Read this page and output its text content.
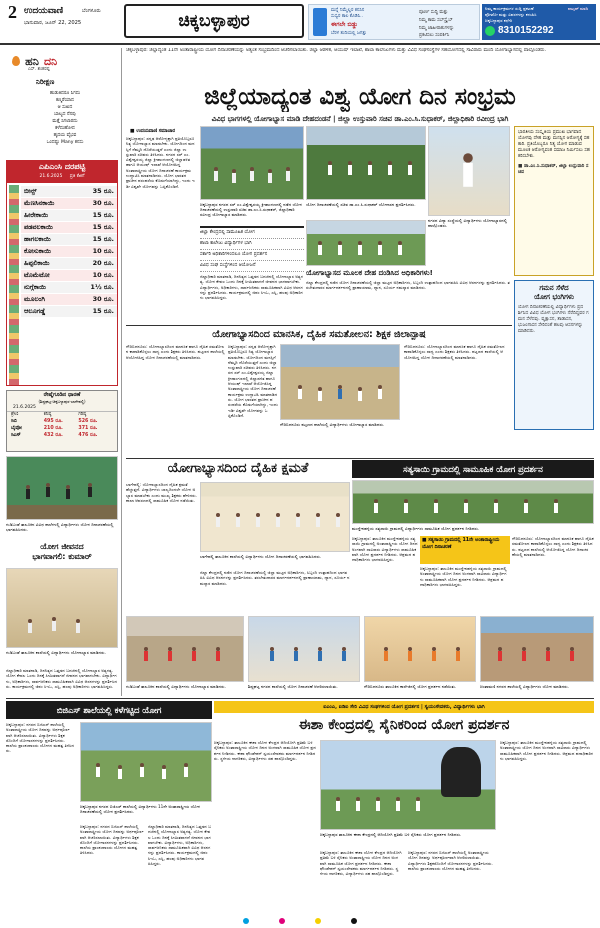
2 ಉದಯವಾಣಿ	ಬೆಂಗಳೂರು
ಭಾನುವಾರ, ಜೂನ್ 22, 2025	ಚಿಕ್ಕಬಳ್ಳಾಪುರ
ಮನ್ನೆ ನಿಮ್ಮೆಲ್ಲರ ಕನಸಿನ
ಸುಸ್ವರ ಕಾಲ ಕೊಡಿಸಿ..
ಈಗಲೇ ಬಿಡ್ಡು
ಬೆರಳ ತುದಿಯಲ್ಲಿ ಜಗತ್ತು
ಪೂರ್ಣ ಸುದ್ದಿ ಮತ್ತು
ನಿಮ್ಮ ಕಾಮ ಸಬ್‌ಸ್ಕ್ರೈಬ್
ನಿಮ್ಮ ಜಾಹೀರಾತುಗಳನ್ನು
ಪ್ರಕಟಿಸಲು ಸಂಪರ್ಕಿಸಿ
ನಿಮ್ಮ ಕಾರ್ಯಕ್ರಮಗಳ ಸುದ್ದಿ ಪ್ರಕಟಣೆ
ಫೋಟೋ ಮತ್ತು ವಿವರಗಳನ್ನು ಕಳುಹಿಸಿ
ಚಿಕ್ಕಬಳ್ಳಾಪುರ ಕಛೇರಿ
8310152292
ವಾಟ್ಸಪ್ ಮಾಡಿ
ಹನಿ ದನಿ
ಎಸ್. ಶಂಕರಪ್ಪ
ನಿರೀಕ್ಷಣ
ಹುಡುಕಿದರೂ ಸಿಗದು
ಕಣ್ಮರೆಯಾದ
ಆ ಸುಖದ
ಬಾಲ್ಯದ ನೆನಪು
ಮತ್ತೆ ಸಿಗಲಾರದು
ಕಳೆದುಹೋದ
ಹೃದಯ ವೈಭವ
ಒಂದಷ್ಟು Many ಕನಸು
ಎಪಿಎಂಸಿ ದರಪಟ್ಟಿ
21.6.2025 ಪ್ರತಿ ಕೆಜಿಗೆ
ಬೀನ್ಸ್	35 ರೂ.
ಮೆಣಸಿನಕಾಯಿ	30 ರೂ.
ಹೀರೇಕಾಯಿ	15 ರೂ.
ಪಡವಲಕಾಯಿ	15 ರೂ.
ಹಾಗಲಕಾಯಿ	15 ರೂ.
ಕೋಸುಕಾಯಿ	10 ರೂ.
ಹಿಪ್ಪಲಿಕಾಯಿ	20 ರೂ.
ಟೊಮೆಟೋ	10 ರೂ.
ನುಗ್ಗೆಕಾಯಿ	1½ ರೂ.
ಮೂಲಂಗಿ	30 ರೂ.
ಆಲೂಗಡ್ಡೆ	15 ರೂ.
ರೇಷ್ಮೆಗೂಡಿನ ಧಾರಣೆ
(ಶಿಡ್ಲಘಟ್ಟ-ಚಿಕ್ಕಬಳ್ಳಾಪುರ-ಬಾಗೇಪಲ್ಲಿ)
21.6.2025
ಶ್ರೇಣಿ	ಕನಿಷ್ಠ	ಗರಿಷ್ಠ
ಸಿಬಿ	495 ರೂ.	526 ರೂ.
ಬೈವೋ	210 ರೂ.	371 ರೂ.
ಸಿಎಸ್	432 ರೂ.	476 ರೂ.
ಗುಡಿಬಂಡೆ ತಾಲೂಕಿನ ವಿವಿಧ ಶಾಲೆಗಳಲ್ಲಿ ವಿದ್ಯಾರ್ಥಿಗಳು ಯೋಗ ದಿನಾಚರಣೆಯಲ್ಲಿ ಭಾಗವಹಿಸಿದರು.
ಯೋಗ ಜೀವನದ
ಭಾಗವಾಗಲಿ: ಕುಮಾರ್
ಗುಡಿಬಂಡೆ ತಾಲೂಕಿನ ಶಾಲೆಯಲ್ಲಿ ವಿದ್ಯಾರ್ಥಿಗಳು ಯೋಗಾಭ್ಯಾಸ ಮಾಡಿದರು.
ಜಿಲ್ಲಾಧಿಕಾರಿ ಮಾತನಾಡಿ, ದಿನನಿತ್ಯದ ಒತ್ತಡದ ಬದುಕಿನಲ್ಲಿ ಯೋಗಾಭ್ಯಾಸ ಅತ್ಯಗತ್ಯ. ಯೋಗ ಕೇವಲ ಒಂದು ದಿನಕ್ಕೆ ಸೀಮಿತವಾಗದೆ ಜೀವನದ ಭಾಗವಾಗಬೇಕು. ವಿದ್ಯಾರ್ಥಿಗಳು, ಅಧಿಕಾರಿಗಳು, ಸಾರ್ವಜನಿಕರು ಸಾಮೂಹಿಕವಾಗಿ ವಿವಿಧ ಆಸನಗಳನ್ನು ಪ್ರದರ್ಶಿಸಿದರು. ಕಾರ್ಯಕ್ರಮದಲ್ಲಿ ಜಿಪಂ ಸಿಇಒ, ಎಸ್ಪಿ, ಹಲವು ಅಧಿಕಾರಿಗಳು ಭಾಗವಹಿಸಿದ್ದರು.
ಚಿಕ್ಕಬಳ್ಳಾಪುರ: ಜಿಲ್ಲಾದ್ಯಂತ 11ನೇ ಅಂತಾರಾಷ್ಟ್ರೀಯ ಯೋಗ ದಿನಾಚರಣೆಯನ್ನು ಅತ್ಯಂತ ಸಂಭ್ರಮದಿಂದ ಆಚರಿಸಲಾಯಿತು. ಜಿಲ್ಲಾ ಆಡಳಿತ, ಆಯುಷ್ ಇಲಾಖೆ, ಶಾಲಾ ಕಾಲೇಜುಗಳು ಮತ್ತು ವಿವಿಧ ಸಂಘಸಂಸ್ಥೆಗಳ ಸಹಯೋಗದಲ್ಲಿ ಸಾವಿರಾರು ಮಂದಿ ಯೋಗಾಭ್ಯಾಸದಲ್ಲಿ ಪಾಲ್ಗೊಂಡರು.
ಜಿಲ್ಲೆಯಾದ್ಯಂತ ವಿಶ್ವ ಯೋಗ ದಿನ ಸಂಭ್ರಮ
ವಿವಿಧ ಭಾಗಗಳಲ್ಲಿ ಯೋಗಾಭ್ಯಾಸ ಮಾಡಿ ದೇಹದಂಡನೆ | ಜಿಲ್ಲಾ ಉಸ್ತುವಾರಿ ಸಚಿವ ಡಾ.ಎಂ.ಸಿ.ಸುಧಾಕರ್, ಜಿಲ್ಲಾಧಿಕಾರಿ ರವೀಂದ್ರ ಭಾಗಿ
■ ಉದಯವಾಣಿ ಸಮಾಚಾರ
ಚಿಕ್ಕಬಳ್ಳಾಪುರ: ಸದೃಢ ಆರೋಗ್ಯಕ್ಕಾಗಿ ಪ್ರತಿಯೊಬ್ಬರೂ ನಿತ್ಯ ಯೋಗಾಭ್ಯಾಸ ಮಾಡಬೇಕು. ಯೋಗದಿಂದ ಮನಸ್ಸಿಗೆ ನೆಮ್ಮದಿ ದೊರೆಯುತ್ತದೆ ಎಂದು ಜಿಲ್ಲಾ ಉಸ್ತುವಾರಿ ಸಚಿವರು ತಿಳಿಸಿದರು. ನಗರದ ಸರ್ ಎಂ.ವಿಶ್ವೇಶ್ವರಯ್ಯ ಜಿಲ್ಲಾ ಕ್ರೀಡಾಂಗಣದಲ್ಲಿ ಜಿಲ್ಲಾಡಳಿತ ಹಾಗೂ ಆಯುಷ್ ಇಲಾಖೆ ಆಯೋಜಿಸಿದ್ದ ಅಂತಾರಾಷ್ಟ್ರೀಯ ಯೋಗ ದಿನಾಚರಣೆ ಕಾರ್ಯಕ್ರಮ ಉದ್ಘಾಟಿಸಿ ಮಾತನಾಡಿದರು. ಯೋಗ ಭಾರತದ ಪ್ರಾಚೀನ ಪರಂಪರೆಯ ಕೊಡುಗೆಯಾಗಿದ್ದು, ಇಂದು ಇಡೀ ವಿಶ್ವವೇ ಯೋಗವನ್ನು ಒಪ್ಪಿಕೊಂಡಿದೆ.
ಭಾರತೀಯ ಸಂಸ್ಕೃತಿಯ ಪ್ರಮುಖ ಭಾಗವಾದ ಯೋಗವು ದೇಹ ಮತ್ತು ಮನಸ್ಸಿನ ಆರೋಗ್ಯಕ್ಕೆ ಸಹಕಾರಿ. ಪ್ರತಿಯೊಬ್ಬರೂ ನಿತ್ಯ ಯೋಗ ಮಾಡುವ ಮೂಲಕ ಆರೋಗ್ಯವಂತ ಸಮಾಜ ನಿರ್ಮಿಸಲು ಸಹಕರಿಸಬೇಕು.
■ ಡಾ.ಎಂ.ಸಿ.ಸುಧಾಕರ್, ಜಿಲ್ಲಾ ಉಸ್ತುವಾರಿ ಸಚಿವ
ಚಿಕ್ಕಬಳ್ಳಾಪುರ ನಗರದ ಸರ್ ಎಂ.ವಿಶ್ವೇಶ್ವರಯ್ಯ ಕ್ರೀಡಾಂಗಣದಲ್ಲಿ ನಡೆದ ಯೋಗ ದಿನಾಚರಣೆಯಲ್ಲಿ ಉಸ್ತುವಾರಿ ಸಚಿವ ಡಾ.ಎಂ.ಸಿ.ಸುಧಾಕರ್, ಜಿಲ್ಲಾಧಿಕಾರಿ ರವೀಂದ್ರ ಯೋಗಾಭ್ಯಾಸ ಮಾಡಿದರು.
ನಗರದ ವಿದ್ಯಾ ಸಂಸ್ಥೆಯಲ್ಲಿ ವಿದ್ಯಾರ್ಥಿಗಳು ಯೋಗಾಭ್ಯಾಸದಲ್ಲಿ ಪಾಲ್ಗೊಂಡರು.
ಜಿಲ್ಲಾ ಕೇಂದ್ರದಲ್ಲಿ ಸಾಮೂಹಿಕ ಯೋಗ
ಶಾಲಾ ಕಾಲೇಜು ವಿದ್ಯಾರ್ಥಿಗಳ ಭಾಗಿ
ಸರ್ಕಾರಿ ಅಧಿಕಾರಿಗಳಿಂದಲೂ ಯೋಗ ಪ್ರದರ್ಶನ
ವಿವಿಧ ಸಂಘ ಸಂಸ್ಥೆಗಳಿಂದ ಆಯೋಜನೆ
ಜಿಲ್ಲಾಧಿಕಾರಿ ಮಾತನಾಡಿ, ದಿನನಿತ್ಯದ ಒತ್ತಡದ ಬದುಕಿನಲ್ಲಿ ಯೋಗಾಭ್ಯಾಸ ಅತ್ಯಗತ್ಯ. ಯೋಗ ಕೇವಲ ಒಂದು ದಿನಕ್ಕೆ ಸೀಮಿತವಾಗದೆ ಜೀವನದ ಭಾಗವಾಗಬೇಕು. ವಿದ್ಯಾರ್ಥಿಗಳು, ಅಧಿಕಾರಿಗಳು, ಸಾರ್ವಜನಿಕರು ಸಾಮೂಹಿಕವಾಗಿ ವಿವಿಧ ಆಸನಗಳನ್ನು ಪ್ರದರ್ಶಿಸಿದರು. ಕಾರ್ಯಕ್ರಮದಲ್ಲಿ ಜಿಪಂ ಸಿಇಒ, ಎಸ್ಪಿ, ಹಲವು ಅಧಿಕಾರಿಗಳು ಭಾಗವಹಿಸಿದ್ದರು.
ಯೋಗ ದಿನಾಚರಣೆಯಲ್ಲಿ ಸಚಿವ ಡಾ.ಎಂ.ಸಿ.ಸುಧಾಕರ್ ಯೋಗಾಸನ ಪ್ರದರ್ಶಿಸಿದರು.
ಯೋಗಾಭ್ಯಾಸದ ಮೂಲಕ ದೇಹ ದಂಡಿಸಿದ ಅಧಿಕಾರಿಗಳು!
ಜಿಲ್ಲಾ ಕೇಂದ್ರದಲ್ಲಿ ನಡೆದ ಯೋಗ ದಿನಾಚರಣೆಯಲ್ಲಿ ಜಿಲ್ಲಾ ಮಟ್ಟದ ಅಧಿಕಾರಿಗಳು, ಸಿಬ್ಬಂದಿ ಉತ್ಸಾಹದಿಂದ ಭಾಗವಹಿಸಿ ವಿವಿಧ ಆಸನಗಳನ್ನು ಪ್ರದರ್ಶಿಸಿದರು. ತರಬೇತುದಾರರ ಮಾರ್ಗದರ್ಶನದಲ್ಲಿ ಪ್ರಾಣಾಯಾಮ, ಧ್ಯಾನ, ಸೂರ್ಯ ನಮಸ್ಕಾರ ಮಾಡಿದರು.	ಗಮನ ಸೆಳೆದ
ಯೋಗ ಭಂಗಿಗಳು
ಯೋಗ ದಿನಾಚರಣೆಯಲ್ಲಿ ವಿದ್ಯಾರ್ಥಿಗಳು ಪ್ರದರ್ಶಿಸಿದ ವಿವಿಧ ಯೋಗ ಭಂಗಿಗಳು ನೆರೆದಿದ್ದವರ ಗಮನ ಸೆಳೆದವು. ವೃಕ್ಷಾಸನ, ತಾಡಾಸನ, ಭುಜಂಗಾಸನ ಸೇರಿದಂತೆ ಹಲವು ಆಸನಗಳನ್ನು ಮಾಡಿದರು.
ಯೋಗಾಭ್ಯಾಸದಿಂದ ಮಾನಸಿಕ, ದೈಹಿಕ ಸಮತೋಲನ: ಶಿಕ್ಷಕ ಜಿಲಾನ್ಪಾಷ
ಗೌರಿಬಿದನೂರು: ಯೋಗಾಭ್ಯಾಸದಿಂದ ಮಾನಸಿಕ ಹಾಗೂ ದೈಹಿಕ ಸಮತೋಲನ ಕಾಪಾಡಿಕೊಳ್ಳಲು ಸಾಧ್ಯ ಎಂದು ಶಿಕ್ಷಕರು ತಿಳಿಸಿದರು. ಪಟ್ಟಣದ ಶಾಲೆಯಲ್ಲಿ ಆಯೋಜಿಸಿದ್ದ ಯೋಗ ದಿನಾಚರಣೆಯಲ್ಲಿ ಮಾತನಾಡಿದರು.
ಗೌರಿಬಿದನೂರು ಪಟ್ಟಣದ ಶಾಲೆಯಲ್ಲಿ ವಿದ್ಯಾರ್ಥಿಗಳು ಯೋಗಾಭ್ಯಾಸ ಮಾಡಿದರು.
ಚಿಕ್ಕಬಳ್ಳಾಪುರ: ಸದೃಢ ಆರೋಗ್ಯಕ್ಕಾಗಿ ಪ್ರತಿಯೊಬ್ಬರೂ ನಿತ್ಯ ಯೋಗಾಭ್ಯಾಸ ಮಾಡಬೇಕು. ಯೋಗದಿಂದ ಮನಸ್ಸಿಗೆ ನೆಮ್ಮದಿ ದೊರೆಯುತ್ತದೆ ಎಂದು ಜಿಲ್ಲಾ ಉಸ್ತುವಾರಿ ಸಚಿವರು ತಿಳಿಸಿದರು. ನಗರದ ಸರ್ ಎಂ.ವಿಶ್ವೇಶ್ವರಯ್ಯ ಜಿಲ್ಲಾ ಕ್ರೀಡಾಂಗಣದಲ್ಲಿ ಜಿಲ್ಲಾಡಳಿತ ಹಾಗೂ ಆಯುಷ್ ಇಲಾಖೆ ಆಯೋಜಿಸಿದ್ದ ಅಂತಾರಾಷ್ಟ್ರೀಯ ಯೋಗ ದಿನಾಚರಣೆ ಕಾರ್ಯಕ್ರಮ ಉದ್ಘಾಟಿಸಿ ಮಾತನಾಡಿದರು. ಯೋಗ ಭಾರತದ ಪ್ರಾಚೀನ ಪರಂಪರೆಯ ಕೊಡುಗೆಯಾಗಿದ್ದು, ಇಂದು ಇಡೀ ವಿಶ್ವವೇ ಯೋಗವನ್ನು ಒಪ್ಪಿಕೊಂಡಿದೆ.
ಗೌರಿಬಿದನೂರು: ಯೋಗಾಭ್ಯಾಸದಿಂದ ಮಾನಸಿಕ ಹಾಗೂ ದೈಹಿಕ ಸಮತೋಲನ ಕಾಪಾಡಿಕೊಳ್ಳಲು ಸಾಧ್ಯ ಎಂದು ಶಿಕ್ಷಕರು ತಿಳಿಸಿದರು. ಪಟ್ಟಣದ ಶಾಲೆಯಲ್ಲಿ ಆಯೋಜಿಸಿದ್ದ ಯೋಗ ದಿನಾಚರಣೆಯಲ್ಲಿ ಮಾತನಾಡಿದರು.
ಯೋಗಾಭ್ಯಾಸದಿಂದ ದೈಹಿಕ ಕ್ಷಮತೆ	ಸತ್ಯಸಾಯಿ ಗ್ರಾಮದಲ್ಲಿ ಸಾಮೂಹಿಕ ಯೋಗ ಪ್ರದರ್ಶನ
ಬಾಗೇಪಲ್ಲಿ: ಯೋಗಾಭ್ಯಾಸದಿಂದ ದೈಹಿಕ ಕ್ಷಮತೆ ಹೆಚ್ಚುತ್ತದೆ. ವಿದ್ಯಾರ್ಥಿಗಳು ಬಾಲ್ಯದಿಂದಲೇ ಯೋಗ ಅಭ್ಯಾಸ ಮಾಡಬೇಕು ಎಂದು ಮುಖ್ಯ ಶಿಕ್ಷಕರು ಹೇಳಿದರು. ಶಾಲಾ ಆವರಣದಲ್ಲಿ ಸಾಮೂಹಿಕ ಯೋಗ ನಡೆಯಿತು.
ಬಾಗೇಪಲ್ಲಿ ತಾಲೂಕಿನ ಶಾಲೆಯಲ್ಲಿ ವಿದ್ಯಾರ್ಥಿಗಳು ಯೋಗ ದಿನಾಚರಣೆಯಲ್ಲಿ ಭಾಗವಹಿಸಿದರು.
ಜಿಲ್ಲಾ ಕೇಂದ್ರದಲ್ಲಿ ನಡೆದ ಯೋಗ ದಿನಾಚರಣೆಯಲ್ಲಿ ಜಿಲ್ಲಾ ಮಟ್ಟದ ಅಧಿಕಾರಿಗಳು, ಸಿಬ್ಬಂದಿ ಉತ್ಸಾಹದಿಂದ ಭಾಗವಹಿಸಿ ವಿವಿಧ ಆಸನಗಳನ್ನು ಪ್ರದರ್ಶಿಸಿದರು. ತರಬೇತುದಾರರ ಮಾರ್ಗದರ್ಶನದಲ್ಲಿ ಪ್ರಾಣಾಯಾಮ, ಧ್ಯಾನ, ಸೂರ್ಯ ನಮಸ್ಕಾರ ಮಾಡಿದರು.
ಮುದ್ದೇನಹಳ್ಳಿಯ ಸತ್ಯಸಾಯಿ ಗ್ರಾಮದಲ್ಲಿ ವಿದ್ಯಾರ್ಥಿಗಳು ಸಾಮೂಹಿಕ ಯೋಗ ಪ್ರದರ್ಶನ ನೀಡಿದರು.
■ ಸತ್ಯಸಾಯಿ ಗ್ರಾಮದಲ್ಲಿ 11ನೇ ಅಂತಾರಾಷ್ಟ್ರೀಯ ಯೋಗ ದಿನಾಚರಣೆ
ಚಿಕ್ಕಬಳ್ಳಾಪುರ: ತಾಲೂಕಿನ ಮುದ್ದೇನಹಳ್ಳಿಯ ಸತ್ಯಸಾಯಿ ಗ್ರಾಮದಲ್ಲಿ ಅಂತಾರಾಷ್ಟ್ರೀಯ ಯೋಗ ದಿನದ ಅಂಗವಾಗಿ ಸಾವಿರಾರು ವಿದ್ಯಾರ್ಥಿಗಳು ಸಾಮೂಹಿಕವಾಗಿ ಯೋಗ ಪ್ರದರ್ಶನ ನೀಡಿದರು. ಆಶ್ರಮದ ಪದಾಧಿಕಾರಿಗಳು ಭಾಗವಹಿಸಿದ್ದರು.
ಚಿಕ್ಕಬಳ್ಳಾಪುರ: ತಾಲೂಕಿನ ಮುದ್ದೇನಹಳ್ಳಿಯ ಸತ್ಯಸಾಯಿ ಗ್ರಾಮದಲ್ಲಿ ಅಂತಾರಾಷ್ಟ್ರೀಯ ಯೋಗ ದಿನದ ಅಂಗವಾಗಿ ಸಾವಿರಾರು ವಿದ್ಯಾರ್ಥಿಗಳು ಸಾಮೂಹಿಕವಾಗಿ ಯೋಗ ಪ್ರದರ್ಶನ ನೀಡಿದರು. ಆಶ್ರಮದ ಪದಾಧಿಕಾರಿಗಳು ಭಾಗವಹಿಸಿದ್ದರು.
ಗೌರಿಬಿದನೂರು: ಯೋಗಾಭ್ಯಾಸದಿಂದ ಮಾನಸಿಕ ಹಾಗೂ ದೈಹಿಕ ಸಮತೋಲನ ಕಾಪಾಡಿಕೊಳ್ಳಲು ಸಾಧ್ಯ ಎಂದು ಶಿಕ್ಷಕರು ತಿಳಿಸಿದರು. ಪಟ್ಟಣದ ಶಾಲೆಯಲ್ಲಿ ಆಯೋಜಿಸಿದ್ದ ಯೋಗ ದಿನಾಚರಣೆಯಲ್ಲಿ ಮಾತನಾಡಿದರು.
ಗುಡಿಬಂಡೆ ತಾಲೂಕಿನ ಶಾಲೆಯಲ್ಲಿ ವಿದ್ಯಾರ್ಥಿಗಳು ಯೋಗಾಭ್ಯಾಸ ಮಾಡಿದರು.	ಶಿಡ್ಲಘಟ್ಟ ನಗರದ ಶಾಲೆಯಲ್ಲಿ ಯೋಗ ದಿನಾಚರಣೆ ಆಚರಿಸಲಾಯಿತು.	ಗೌರಿಬಿದನೂರು ತಾಲೂಕಿನ ಕಾಲೇಜಿನಲ್ಲಿ ಯೋಗ ಪ್ರದರ್ಶನ ನಡೆಯಿತು.	ಚಿಂತಾಮಣಿ ನಗರದ ಶಾಲೆಯಲ್ಲಿ ವಿದ್ಯಾರ್ಥಿಗಳು ಯೋಗ ಮಾಡಿದರು.
ಬಿಜಿಎಸ್ ಶಾಲೆಯಲ್ಲಿ ಕಳೆಗಟ್ಟಿದ ಯೋಗ	ಐಎಂಎ, ಐಡಿಐ ಸೇರಿ ವಿವಿಧ ಸಂಘಗಳಿಂದ ಯೋಗ ಪ್ರದರ್ಶನ | ಸ್ವಯಂಸೇವಕರು, ವಿದ್ಯಾರ್ಥಿಗಳು ಭಾಗಿ
ಈಶಾ ಕೇಂದ್ರದಲ್ಲಿ ಸೈನಿಕರಿಂದ ಯೋಗ ಪ್ರದರ್ಶನ
ಚಿಕ್ಕಬಳ್ಳಾಪುರ: ನಗರದ ಬಿಜಿಎಸ್ ಶಾಲೆಯಲ್ಲಿ ಅಂತಾರಾಷ್ಟ್ರೀಯ ಯೋಗ ದಿನವನ್ನು ಅರ್ಥಪೂರ್ಣವಾಗಿ ಆಚರಿಸಲಾಯಿತು. ವಿದ್ಯಾರ್ಥಿಗಳು ಶಿಕ್ಷಕರೊಂದಿಗೆ ಯೋಗಾಸನಗಳನ್ನು ಪ್ರದರ್ಶಿಸಿದರು. ಶಾಲೆಯ ಪ್ರಾಂಶುಪಾಲರು ಯೋಗದ ಮಹತ್ವ ತಿಳಿಸಿದರು.
ಚಿಕ್ಕಬಳ್ಳಾಪುರ ನಗರದ ಬಿಜಿಎಸ್ ಶಾಲೆಯಲ್ಲಿ ವಿದ್ಯಾರ್ಥಿಗಳು 11ನೇ ಅಂತಾರಾಷ್ಟ್ರೀಯ ಯೋಗ ದಿನಾಚರಣೆಯಲ್ಲಿ ಯೋಗ ಪ್ರದರ್ಶಿಸಿದರು.
ಚಿಕ್ಕಬಳ್ಳಾಪುರ: ನಗರದ ಬಿಜಿಎಸ್ ಶಾಲೆಯಲ್ಲಿ ಅಂತಾರಾಷ್ಟ್ರೀಯ ಯೋಗ ದಿನವನ್ನು ಅರ್ಥಪೂರ್ಣವಾಗಿ ಆಚರಿಸಲಾಯಿತು. ವಿದ್ಯಾರ್ಥಿಗಳು ಶಿಕ್ಷಕರೊಂದಿಗೆ ಯೋಗಾಸನಗಳನ್ನು ಪ್ರದರ್ಶಿಸಿದರು. ಶಾಲೆಯ ಪ್ರಾಂಶುಪಾಲರು ಯೋಗದ ಮಹತ್ವ ತಿಳಿಸಿದರು.
ಜಿಲ್ಲಾಧಿಕಾರಿ ಮಾತನಾಡಿ, ದಿನನಿತ್ಯದ ಒತ್ತಡದ ಬದುಕಿನಲ್ಲಿ ಯೋಗಾಭ್ಯಾಸ ಅತ್ಯಗತ್ಯ. ಯೋಗ ಕೇವಲ ಒಂದು ದಿನಕ್ಕೆ ಸೀಮಿತವಾಗದೆ ಜೀವನದ ಭಾಗವಾಗಬೇಕು. ವಿದ್ಯಾರ್ಥಿಗಳು, ಅಧಿಕಾರಿಗಳು, ಸಾರ್ವಜನಿಕರು ಸಾಮೂಹಿಕವಾಗಿ ವಿವಿಧ ಆಸನಗಳನ್ನು ಪ್ರದರ್ಶಿಸಿದರು. ಕಾರ್ಯಕ್ರಮದಲ್ಲಿ ಜಿಪಂ ಸಿಇಒ, ಎಸ್ಪಿ, ಹಲವು ಅಧಿಕಾರಿಗಳು ಭಾಗವಹಿಸಿದ್ದರು.
ಚಿಕ್ಕಬಳ್ಳಾಪುರ: ತಾಲೂಕಿನ ಈಶಾ ಯೋಗ ಕೇಂದ್ರದ ಆದಿಯೋಗಿ ಪ್ರತಿಮೆ ಬಳಿ ಸೈನಿಕರು ಅಂತಾರಾಷ್ಟ್ರೀಯ ಯೋಗ ದಿನದ ಅಂಗವಾಗಿ ಸಾಮೂಹಿಕ ಯೋಗ ಪ್ರದರ್ಶನ ನೀಡಿದರು. ಈಶಾ ಫೌಂಡೇಶನ್ ಸ್ವಯಂಸೇವಕರು ಮಾರ್ಗದರ್ಶನ ನೀಡಿದರು. ಸ್ಥಳೀಯ ನಾಗರಿಕರು, ವಿದ್ಯಾರ್ಥಿಗಳು ಸಹ ಪಾಲ್ಗೊಂಡಿದ್ದರು.
ಚಿಕ್ಕಬಳ್ಳಾಪುರ ತಾಲೂಕಿನ ಈಶಾ ಕೇಂದ್ರದಲ್ಲಿ ಆದಿಯೋಗಿ ಪ್ರತಿಮೆ ಬಳಿ ಸೈನಿಕರು ಯೋಗ ಪ್ರದರ್ಶನ ನೀಡಿದರು.
ಚಿಕ್ಕಬಳ್ಳಾಪುರ: ತಾಲೂಕಿನ ಈಶಾ ಯೋಗ ಕೇಂದ್ರದ ಆದಿಯೋಗಿ ಪ್ರತಿಮೆ ಬಳಿ ಸೈನಿಕರು ಅಂತಾರಾಷ್ಟ್ರೀಯ ಯೋಗ ದಿನದ ಅಂಗವಾಗಿ ಸಾಮೂಹಿಕ ಯೋಗ ಪ್ರದರ್ಶನ ನೀಡಿದರು. ಈಶಾ ಫೌಂಡೇಶನ್ ಸ್ವಯಂಸೇವಕರು ಮಾರ್ಗದರ್ಶನ ನೀಡಿದರು. ಸ್ಥಳೀಯ ನಾಗರಿಕರು, ವಿದ್ಯಾರ್ಥಿಗಳು ಸಹ ಪಾಲ್ಗೊಂಡಿದ್ದರು.
ಚಿಕ್ಕಬಳ್ಳಾಪುರ: ನಗರದ ಬಿಜಿಎಸ್ ಶಾಲೆಯಲ್ಲಿ ಅಂತಾರಾಷ್ಟ್ರೀಯ ಯೋಗ ದಿನವನ್ನು ಅರ್ಥಪೂರ್ಣವಾಗಿ ಆಚರಿಸಲಾಯಿತು. ವಿದ್ಯಾರ್ಥಿಗಳು ಶಿಕ್ಷಕರೊಂದಿಗೆ ಯೋಗಾಸನಗಳನ್ನು ಪ್ರದರ್ಶಿಸಿದರು. ಶಾಲೆಯ ಪ್ರಾಂಶುಪಾಲರು ಯೋಗದ ಮಹತ್ವ ತಿಳಿಸಿದರು.
ಚಿಕ್ಕಬಳ್ಳಾಪುರ: ತಾಲೂಕಿನ ಮುದ್ದೇನಹಳ್ಳಿಯ ಸತ್ಯಸಾಯಿ ಗ್ರಾಮದಲ್ಲಿ ಅಂತಾರಾಷ್ಟ್ರೀಯ ಯೋಗ ದಿನದ ಅಂಗವಾಗಿ ಸಾವಿರಾರು ವಿದ್ಯಾರ್ಥಿಗಳು ಸಾಮೂಹಿಕವಾಗಿ ಯೋಗ ಪ್ರದರ್ಶನ ನೀಡಿದರು. ಆಶ್ರಮದ ಪದಾಧಿಕಾರಿಗಳು ಭಾಗವಹಿಸಿದ್ದರು.
